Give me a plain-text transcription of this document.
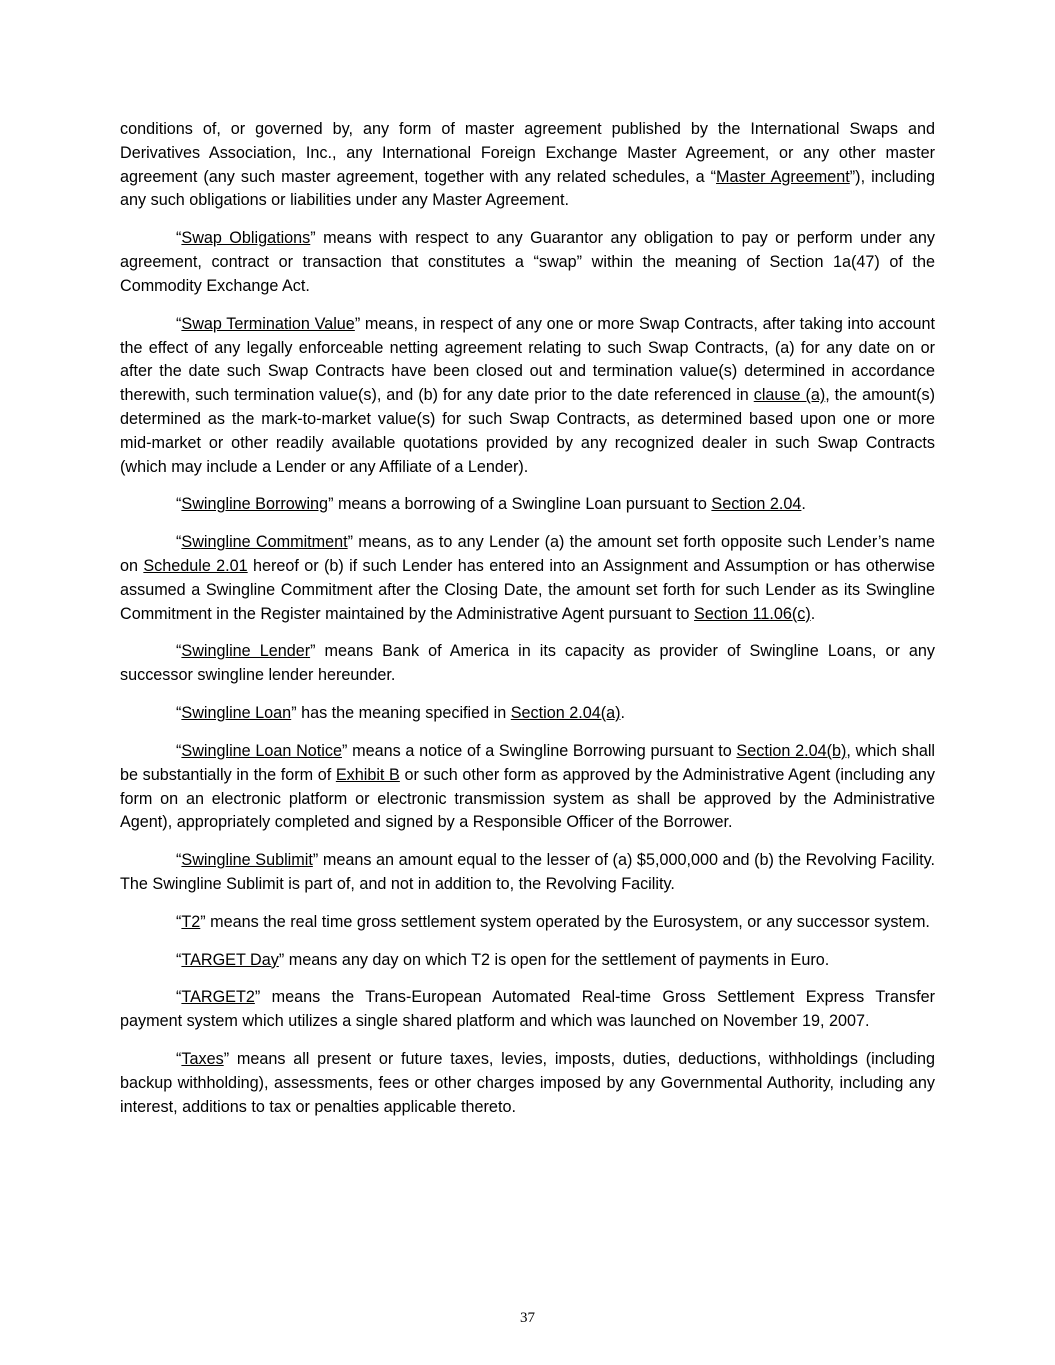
conditions of, or governed by, any form of master agreement published by the International Swaps and Derivatives Association, Inc., any International Foreign Exchange Master Agreement, or any other master agreement (any such master agreement, together with any related schedules, a “Master Agreement”), including any such obligations or liabilities under any Master Agreement.

“Swap Obligations” means with respect to any Guarantor any obligation to pay or perform under any agreement, contract or transaction that constitutes a “swap” within the meaning of Section 1a(47) of the Commodity Exchange Act.

“Swap Termination Value” means, in respect of any one or more Swap Contracts, after taking into account the effect of any legally enforceable netting agreement relating to such Swap Contracts, (a) for any date on or after the date such Swap Contracts have been closed out and termination value(s) determined in accordance therewith, such termination value(s), and (b) for any date prior to the date referenced in clause (a), the amount(s) determined as the mark-to-market value(s) for such Swap Contracts, as determined based upon one or more mid-market or other readily available quotations provided by any recognized dealer in such Swap Contracts (which may include a Lender or any Affiliate of a Lender).

“Swingline Borrowing” means a borrowing of a Swingline Loan pursuant to Section 2.04.

“Swingline Commitment” means, as to any Lender (a) the amount set forth opposite such Lender’s name on Schedule 2.01 hereof or (b) if such Lender has entered into an Assignment and Assumption or has otherwise assumed a Swingline Commitment after the Closing Date, the amount set forth for such Lender as its Swingline Commitment in the Register maintained by the Administrative Agent pursuant to Section 11.06(c).

“Swingline Lender” means Bank of America in its capacity as provider of Swingline Loans, or any successor swingline lender hereunder.

“Swingline Loan” has the meaning specified in Section 2.04(a).

“Swingline Loan Notice” means a notice of a Swingline Borrowing pursuant to Section 2.04(b), which shall be substantially in the form of Exhibit B or such other form as approved by the Administrative Agent (including any form on an electronic platform or electronic transmission system as shall be approved by the Administrative Agent), appropriately completed and signed by a Responsible Officer of the Borrower.

“Swingline Sublimit” means an amount equal to the lesser of (a) $5,000,000 and (b) the Revolving Facility. The Swingline Sublimit is part of, and not in addition to, the Revolving Facility.

“T2” means the real time gross settlement system operated by the Eurosystem, or any successor system.

“TARGET Day” means any day on which T2 is open for the settlement of payments in Euro.

“TARGET2” means the Trans-European Automated Real-time Gross Settlement Express Transfer payment system which utilizes a single shared platform and which was launched on November 19, 2007.

“Taxes” means all present or future taxes, levies, imposts, duties, deductions, withholdings (including backup withholding), assessments, fees or other charges imposed by any Governmental Authority, including any interest, additions to tax or penalties applicable thereto.

37
